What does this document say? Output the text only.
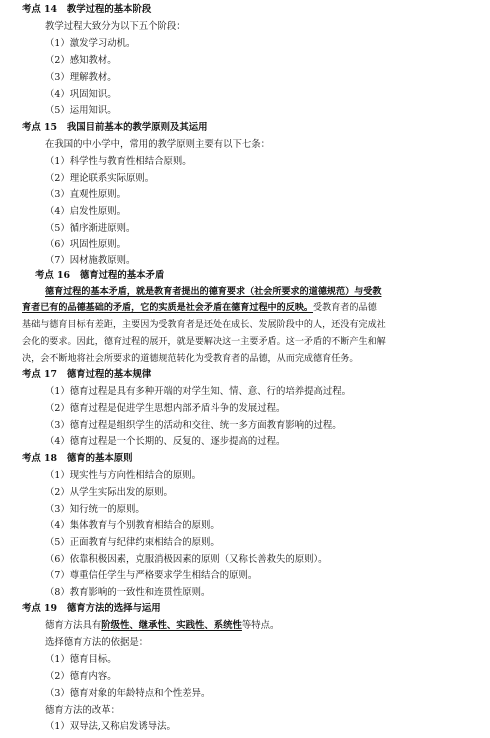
考点 14 教学过程的基本阶段
教学过程大致分为以下五个阶段：
（1）激发学习动机。
（2）感知教材。
（3）理解教材。
（4）巩固知识。
（5）运用知识。
考点 15 我国目前基本的教学原则及其运用
在我国的中小学中，常用的教学原则主要有以下七条：
（1）科学性与教育性相结合原则。
（2）理论联系实际原则。
（3）直观性原则。
（4）启发性原则。
（5）循序渐进原则。
（6）巩固性原则。
（7）因材施教原则。
考点 16 德育过程的基本矛盾
德育过程的基本矛盾，就是教育者提出的德育要求（社会所要求的道德规范）与受教
育者已有的品德基础的矛盾，它的实质是社会矛盾在德育过程中的反映。受教育者的品德
基础与德育目标有差距，主要因为受教育者是还处在成长、发展阶段中的人，还没有完成社
会化的要求。因此，德育过程的展开，就是要解决这一主要矛盾。这一矛盾的不断产生和解
决，会不断地将社会所要求的道德规范转化为受教育者的品德，从而完成德育任务。
考点 17 德育过程的基本规律
（1）德育过程是具有多种开端的对学生知、情、意、行的培养提高过程。
（2）德育过程是促进学生思想内部矛盾斗争的发展过程。
（3）德育过程是组织学生的活动和交往、统一多方面教育影响的过程。
（4）德育过程是一个长期的、反复的、逐步提高的过程。
考点 18 德育的基本原则
（1）现实性与方向性相结合的原则。
（2）从学生实际出发的原则。
（3）知行统一的原则。
（4）集体教育与个别教育相结合的原则。
（5）正面教育与纪律约束相结合的原则。
（6）依靠积极因素，克服消极因素的原则（又称长善救失的原则）。
（7）尊重信任学生与严格要求学生相结合的原则。
（8）教育影响的一致性和连贯性原则。
考点 19 德育方法的选择与运用
德育方法具有阶级性、继承性、实践性、系统性等特点。
选择德育方法的依据是：
（1）德育目标。
（2）德育内容。
（3）德育对象的年龄特点和个性差异。
德育方法的改革：
（1）双导法,又称启发诱导法。
